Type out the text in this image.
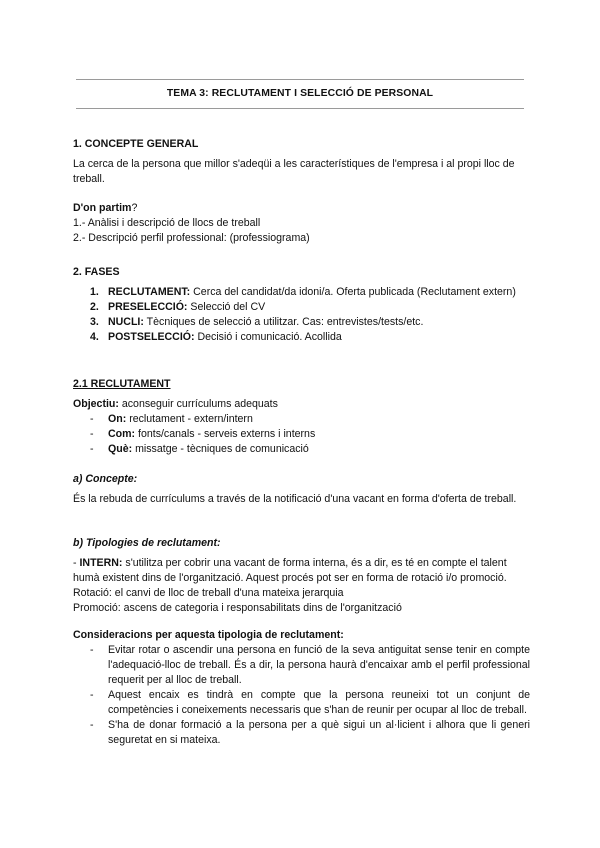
TEMA 3: RECLUTAMENT I SELECCIÓ DE PERSONAL
1. CONCEPTE GENERAL

La cerca de la persona que millor s'adeqüi a les característiques de l'empresa i al propi lloc de treball.

D'on partim?

1.- Anàlisi i descripció de llocs de treball

2.- Descripció perfil professional: (professiograma)

2. FASES
1. RECLUTAMENT: Cerca del candidat/da idoni/a. Oferta publicada (Reclutament extern)
2. PRESELECCIÓ: Selecció del CV
3. NUCLI: Tècniques de selecció a utilitzar. Cas: entrevistes/tests/etc.
4. POSTSELECCIÓ: Decisió i comunicació. Acollida
2.1 RECLUTAMENT

Objectiu: aconseguir currículums adequats

- On: reclutament - extern/intern
- Com: fonts/canals - serveis externs i interns
- Què: missatge - tècniques de comunicació

a) Concepte:

És la rebuda de currículums a través de la notificació d'una vacant en forma d'oferta de treball.

b) Tipologies de reclutament:

- INTERN: s'utilitza per cobrir una vacant de forma interna, és a dir, es té en compte el talent humà existent dins de l'organització. Aquest procés pot ser en forma de rotació i/o promoció.

Rotació: el canvi de lloc de treball d'una mateixa jerarquia

Promoció: ascens de categoria i responsabilitats dins de l'organització

Consideracions per aquesta tipologia de reclutament:

- Evitar rotar o ascendir una persona en funció de la seva antiguitat sense tenir en compte l'adequació-lloc de treball. És a dir, la persona haurà d'encaixar amb el perfil professional requerit per al lloc de treball.
- Aquest encaix es tindrà en compte que la persona reuneixi tot un conjunt de competències i coneixements necessaris que s'han de reunir per ocupar al lloc de treball.
- S'ha de donar formació a la persona per a què sigui un al·licient i alhora que li generi seguretat en si mateixa.
